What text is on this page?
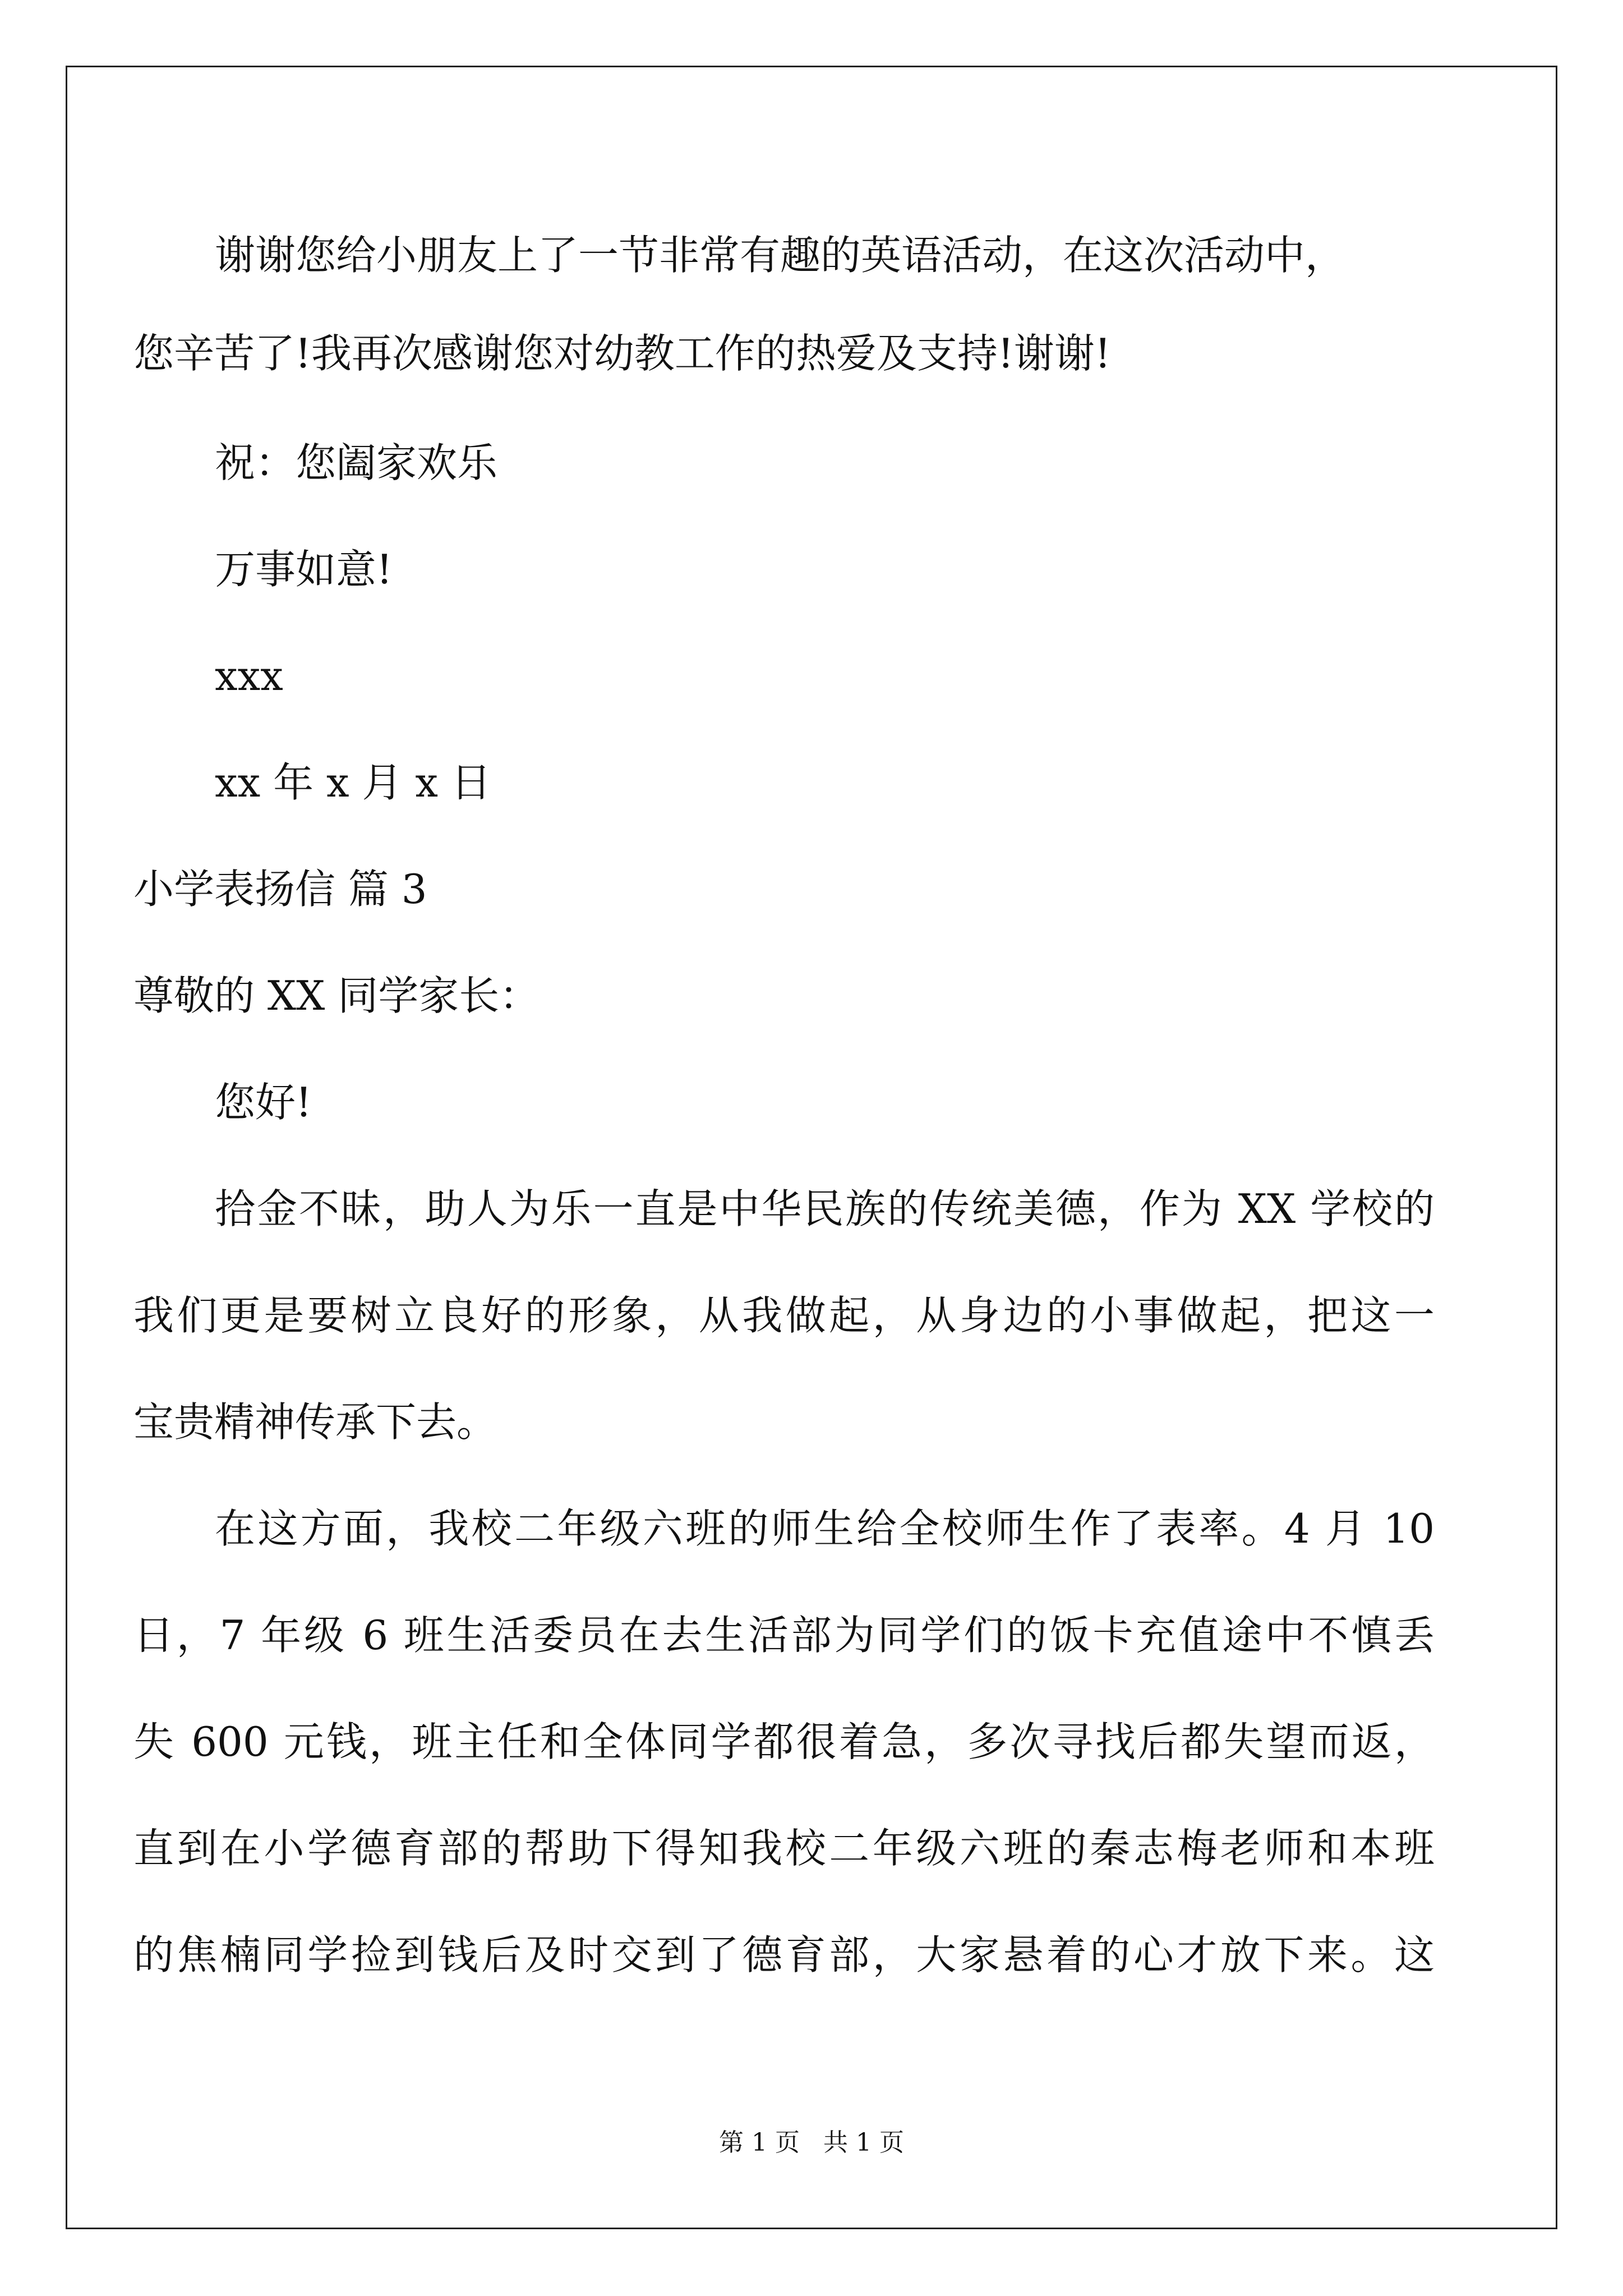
谢谢您给小朋友上了一节非常有趣的英语活动，在这次活动中，
您辛苦了!我再次感谢您对幼教工作的热爱及支持!谢谢!
祝：您阖家欢乐
万事如意!
xxx
xx 年 x 月 x 日
小学表扬信 篇 3
尊敬的 XX 同学家长：
您好!
拾金不昧，助人为乐一直是中华民族的传统美德，作为 XX 学校的
我们更是要树立良好的形象，从我做起，从身边的小事做起，把这一
宝贵精神传承下去。
在这方面，我校二年级六班的师生给全校师生作了表率。4 月 10
日，7 年级 6 班生活委员在去生活部为同学们的饭卡充值途中不慎丢
失 600 元钱，班主任和全体同学都很着急，多次寻找后都失望而返，
直到在小学德育部的帮助下得知我校二年级六班的秦志梅老师和本班
的焦楠同学捡到钱后及时交到了德育部，大家悬着的心才放下来。这
第 1 页 共 1 页
